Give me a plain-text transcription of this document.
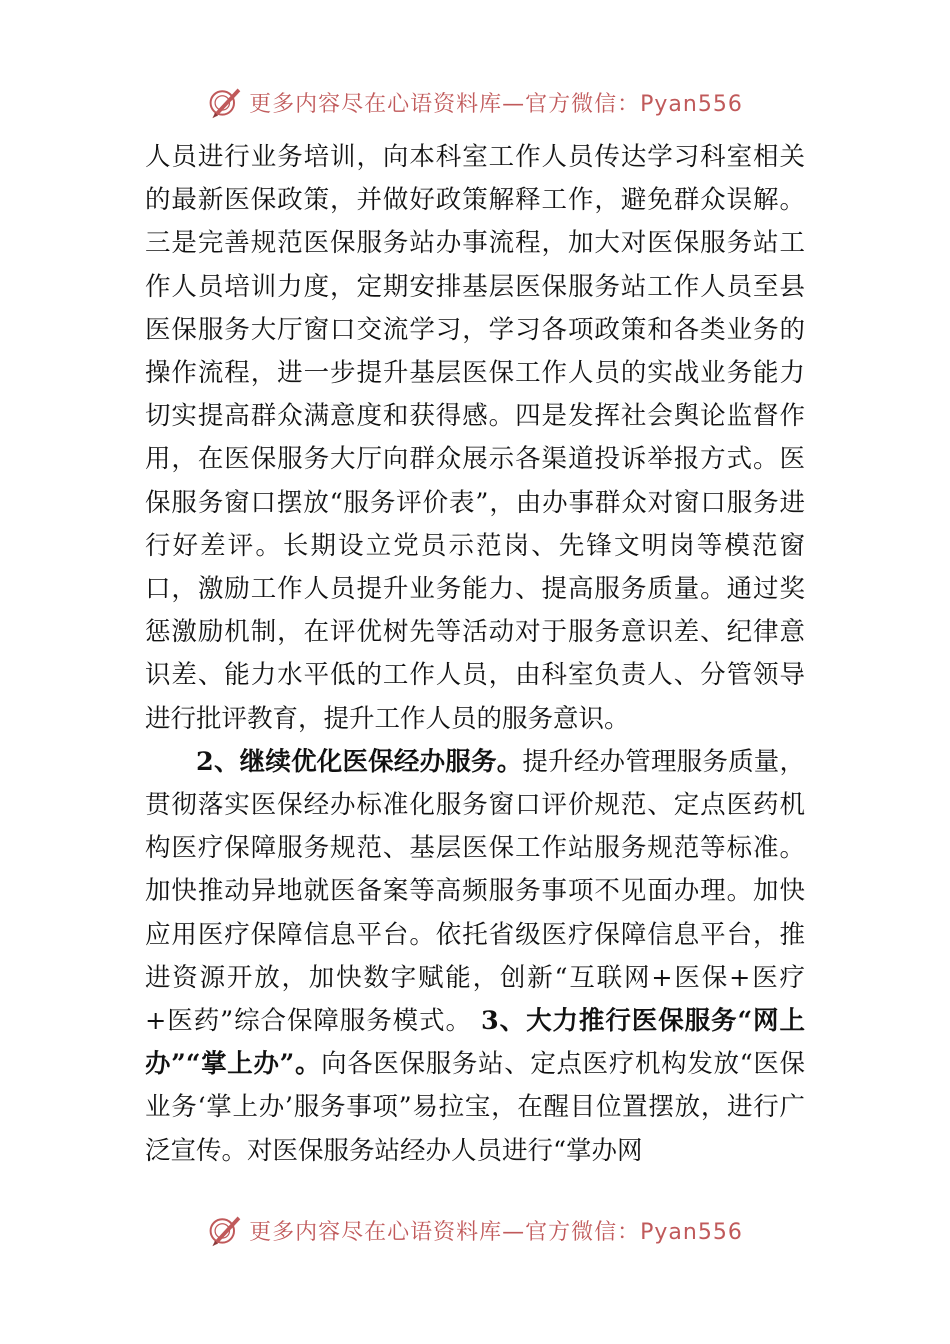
更多内容尽在心语资料库—官方微信：Pyan556

人员进行业务培训，向本科室工作人员传达学习科室相关的最新医保政策，并做好政策解释工作，避免群众误解。三是完善规范医保服务站办事流程，加大对医保服务站工作人员培训力度，定期安排基层医保服务站工作人员至县医保服务大厅窗口交流学习，学习各项政策和各类业务的操作流程，进一步提升基层医保工作人员的实战业务能力切实提高群众满意度和获得感。四是发挥社会舆论监督作用，在医保服务大厅向群众展示各渠道投诉举报方式。医保服务窗口摆放“服务评价表”，由办事群众对窗口服务进行好差评。长期设立党员示范岗、先锋文明岗等模范窗口，激励工作人员提升业务能力、提高服务质量。通过奖惩激励机制，在评优树先等活动对于服务意识差、纪律意识差、能力水平低的工作人员，由科室负责人、分管领导进行批评教育，提升工作人员的服务意识。

2、继续优化医保经办服务。提升经办管理服务质量，贯彻落实医保经办标准化服务窗口评价规范、定点医药机构医疗保障服务规范、基层医保工作站服务规范等标准。加快推动异地就医备案等高频服务事项不见面办理。加快应用医疗保障信息平台。依托省级医疗保障信息平台，推进资源开放，加快数字赋能，创新“互联网+医保+医疗+医药”综合保障服务模式。 3、大力推行医保服务“网上办”“掌上办”。向各医保服务站、定点医疗机构发放“医保业务‘掌上办’服务事项”易拉宝，在醒目位置摆放，进行广泛宣传。对医保服务站经办人员进行“掌办网

更多内容尽在心语资料库—官方微信：Pyan556
